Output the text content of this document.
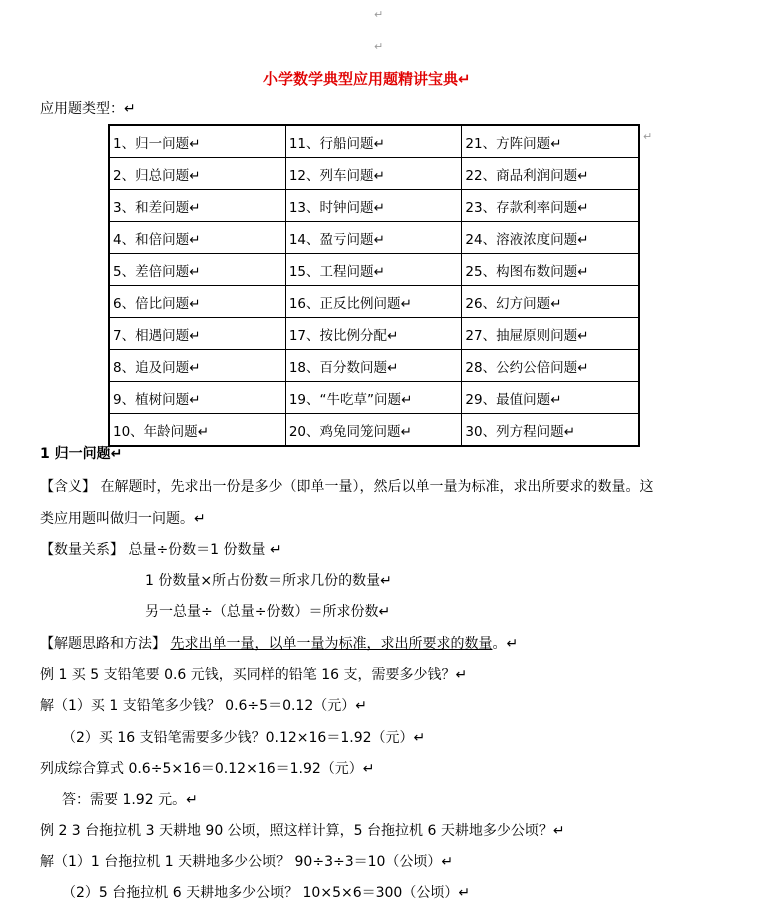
↵
↵
小学数学典型应用题精讲宝典↵
应用题类型：↵
1、归一问题↵	11、行船问题↵	21、方阵问题↵
2、归总问题↵	12、列车问题↵	22、商品利润问题↵
3、和差问题↵	13、时钟问题↵	23、存款利率问题↵
4、和倍问题↵	14、盈亏问题↵	24、溶液浓度问题↵
5、差倍问题↵	15、工程问题↵	25、构图布数问题↵
6、倍比问题↵	16、正反比例问题↵	26、幻方问题↵
7、相遇问题↵	17、按比例分配↵	27、抽屉原则问题↵
8、追及问题↵	18、百分数问题↵	28、公约公倍问题↵
9、植树问题↵	19、“牛吃草”问题↵	29、最值问题↵
10、年龄问题↵	20、鸡兔同笼问题↵	30、列方程问题↵
↵
1 归一问题↵
【含义】 在解题时，先求出一份是多少（即单一量），然后以单一量为标准，求出所要求的数量。这
类应用题叫做归一问题。↵
【数量关系】 总量÷份数＝1 份数量 ↵
1 份数量×所占份数＝所求几份的数量↵
另一总量÷（总量÷份数）＝所求份数↵
【解题思路和方法】 先求出单一量，以单一量为标准，求出所要求的数量。↵
例 1 买 5 支铅笔要 0.6 元钱，买同样的铅笔 16 支，需要多少钱？↵
解（1）买 1 支铅笔多少钱？ 0.6÷5＝0.12（元）↵
（2）买 16 支铅笔需要多少钱？0.12×16＝1.92（元）↵
列成综合算式 0.6÷5×16＝0.12×16＝1.92（元）↵
答：需要 1.92 元。↵
例 2 3 台拖拉机 3 天耕地 90 公顷，照这样计算，5 台拖拉机 6 天耕地多少公顷？↵
解（1）1 台拖拉机 1 天耕地多少公顷？ 90÷3÷3＝10（公顷）↵
（2）5 台拖拉机 6 天耕地多少公顷？ 10×5×6＝300（公顷）↵
